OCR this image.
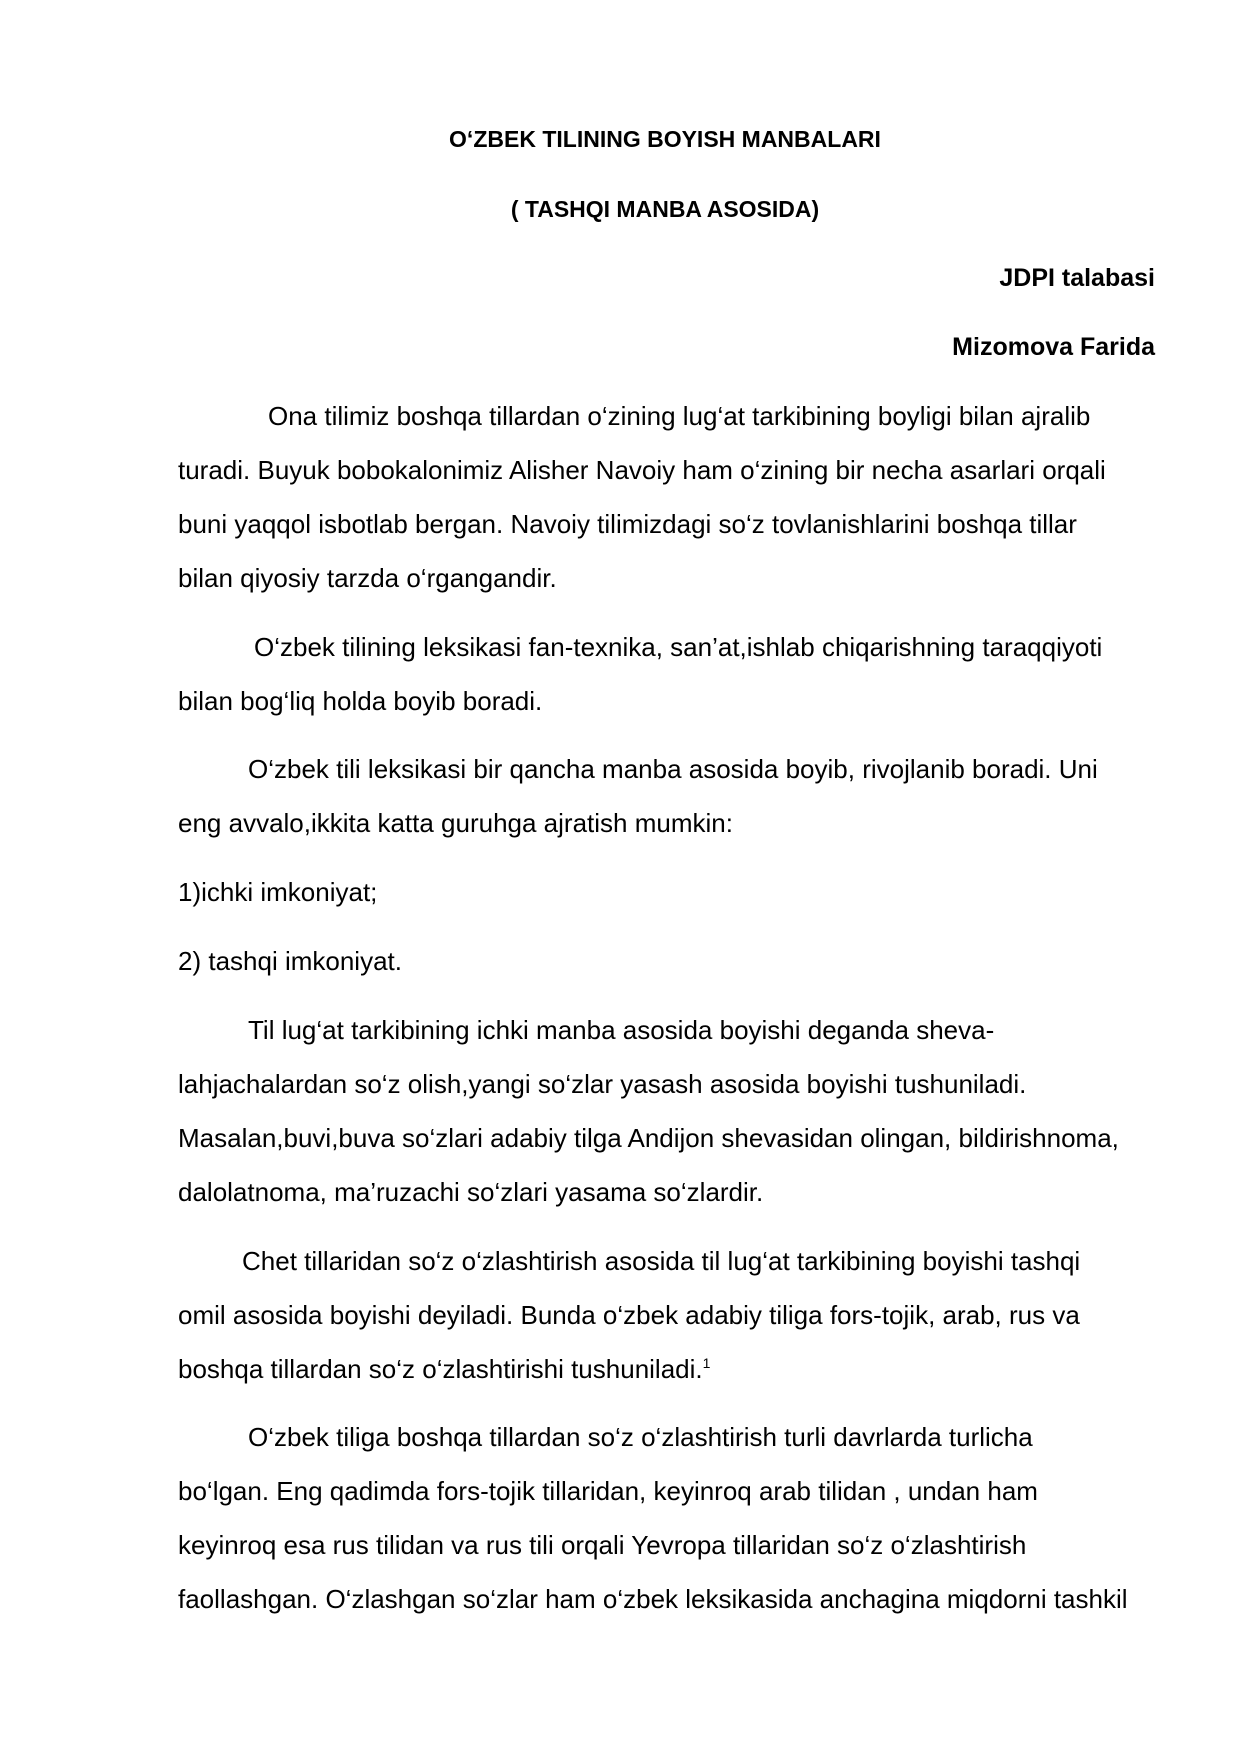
O‘ZBEK TILINING BOYISH MANBALARI
( TASHQI MANBA ASOSIDA)
JDPI talabasi
Mizomova Farida
Ona tilimiz boshqa tillardan o‘zining lug‘at tarkibining boyligi bilan ajralib
turadi. Buyuk bobokalonimiz Alisher Navoiy ham o‘zining bir necha asarlari orqali
buni yaqqol isbotlab bergan. Navoiy tilimizdagi so‘z tovlanishlarini boshqa tillar
bilan qiyosiy tarzda o‘rgangandir.
O‘zbek tilining leksikasi fan-texnika, san’at,ishlab chiqarishning taraqqiyoti
bilan bog‘liq holda boyib boradi.
O‘zbek tili leksikasi bir qancha manba asosida boyib, rivojlanib boradi. Uni
eng avvalo,ikkita katta guruhga ajratish mumkin:
1)ichki imkoniyat;
2) tashqi imkoniyat.
Til lug‘at tarkibining ichki manba asosida boyishi deganda sheva-
lahjachalardan so‘z olish,yangi so‘zlar yasash asosida boyishi tushuniladi.
Masalan,buvi,buva so‘zlari adabiy tilga Andijon shevasidan olingan, bildirishnoma,
dalolatnoma, ma’ruzachi so‘zlari yasama so‘zlardir.
Chet tillaridan so‘z o‘zlashtirish asosida til lug‘at tarkibining boyishi tashqi
omil asosida boyishi deyiladi. Bunda o‘zbek adabiy tiliga fors-tojik, arab, rus va
boshqa tillardan so‘z o‘zlashtirishi tushuniladi.$^1$
O‘zbek tiliga boshqa tillardan so‘z o‘zlashtirish turli davrlarda turlicha
bo‘lgan. Eng qadimda fors-tojik tillaridan, keyinroq arab tilidan , undan ham
keyinroq esa rus tilidan va rus tili orqali Yevropa tillaridan so‘z o‘zlashtirish
faollashgan. O‘zlashgan so‘zlar ham o‘zbek leksikasida anchagina miqdorni tashkil
